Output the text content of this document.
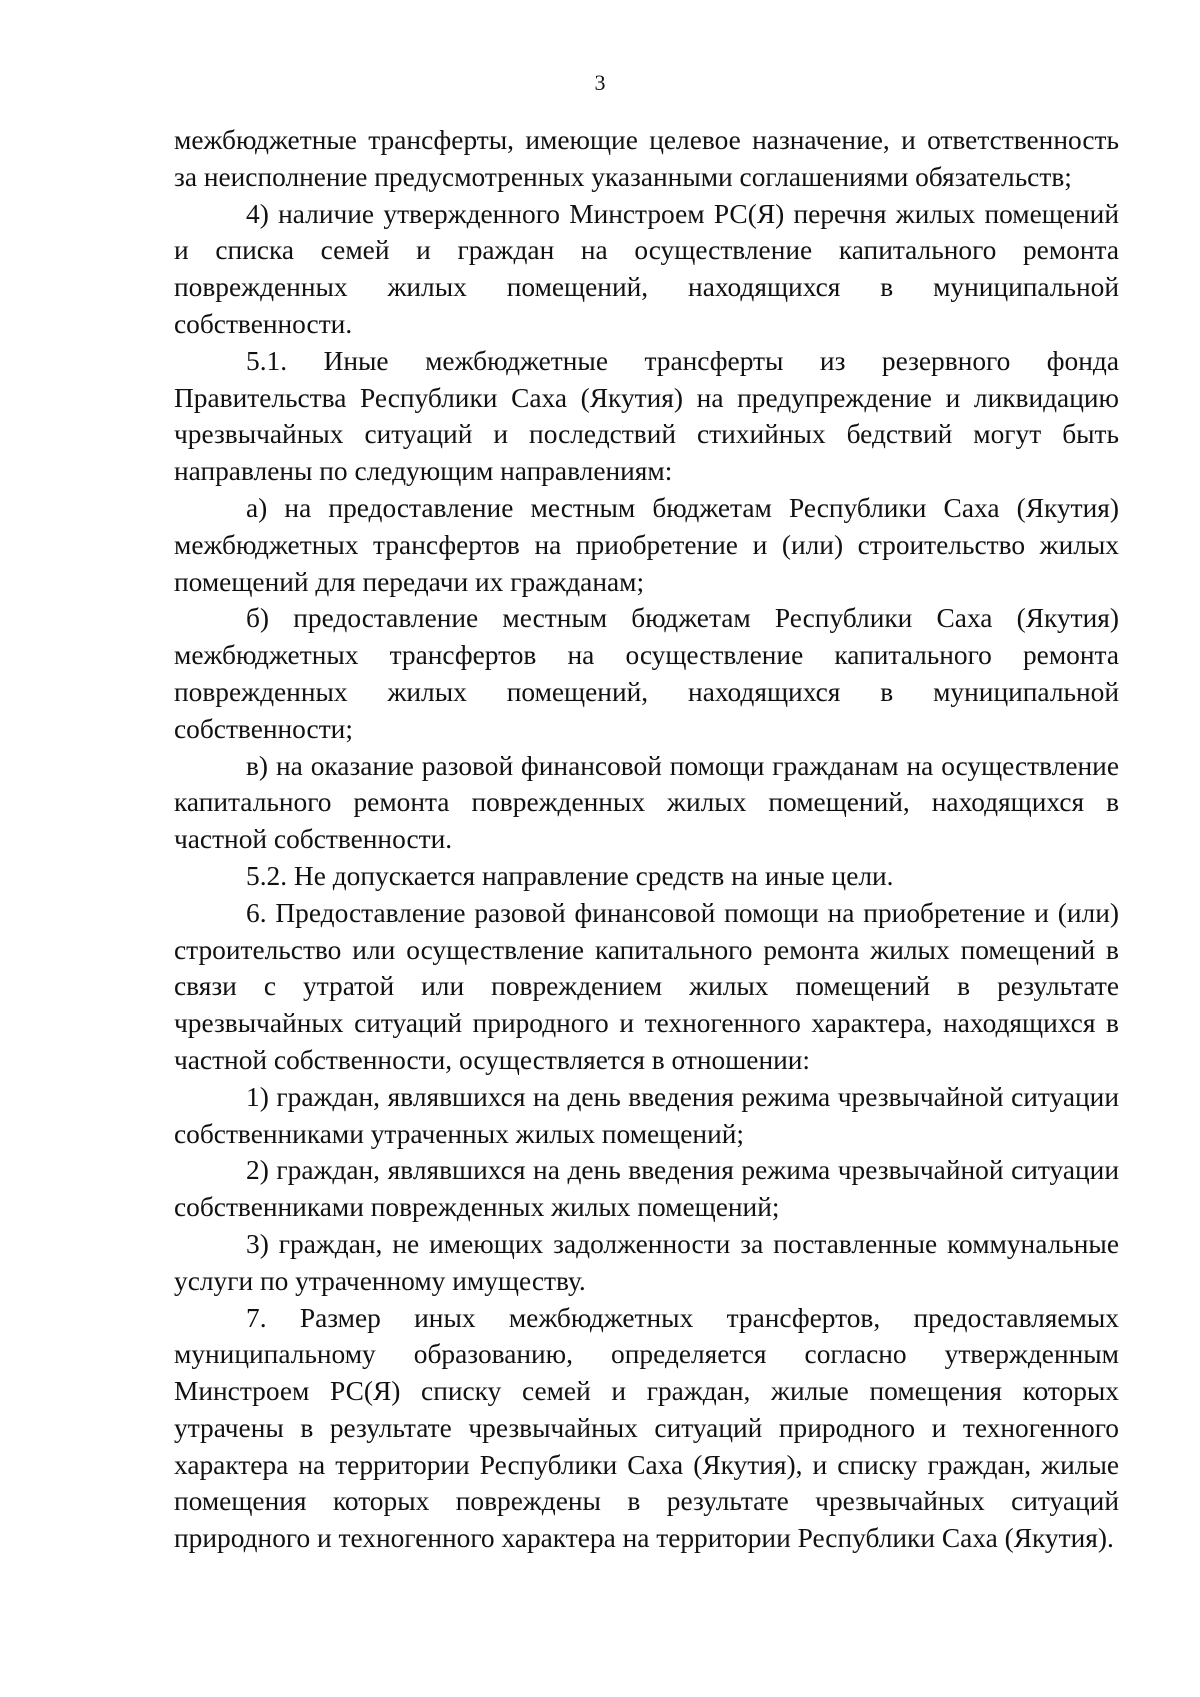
3

межбюджетные трансферты, имеющие целевое назначение, и ответственность за неисполнение предусмотренных указанными соглашениями обязательств;

4) наличие утвержденного Минстроем РС(Я) перечня жилых помещений и списка семей и граждан на осуществление капитального ремонта поврежденных жилых помещений, находящихся в муниципальной собственности.

5.1. Иные межбюджетные трансферты из резервного фонда Правительства Республики Саха (Якутия) на предупреждение и ликвидацию чрезвычайных ситуаций и последствий стихийных бедствий могут быть направлены по следующим направлениям:

а) на предоставление местным бюджетам Республики Саха (Якутия) межбюджетных трансфертов на приобретение и (или) строительство жилых помещений для передачи их гражданам;

б) предоставление местным бюджетам Республики Саха (Якутия) межбюджетных трансфертов на осуществление капитального ремонта поврежденных жилых помещений, находящихся в муниципальной собственности;

в) на оказание разовой финансовой помощи гражданам на осуществление капитального ремонта поврежденных жилых помещений, находящихся в частной собственности.

5.2. Не допускается направление средств на иные цели.

6. Предоставление разовой финансовой помощи на приобретение и (или) строительство или осуществление капитального ремонта жилых помещений в связи с утратой или повреждением жилых помещений в результате чрезвычайных ситуаций природного и техногенного характера, находящихся в частной собственности, осуществляется в отношении:

1) граждан, являвшихся на день введения режима чрезвычайной ситуации собственниками утраченных жилых помещений;

2) граждан, являвшихся на день введения режима чрезвычайной ситуации собственниками поврежденных жилых помещений;

3) граждан, не имеющих задолженности за поставленные коммунальные услуги по утраченному имуществу.

7. Размер иных межбюджетных трансфертов, предоставляемых муниципальному образованию, определяется согласно утвержденным Минстроем РС(Я) списку семей и граждан, жилые помещения которых утрачены в результате чрезвычайных ситуаций природного и техногенного характера на территории Республики Саха (Якутия), и списку граждан, жилые помещения которых повреждены в результате чрезвычайных ситуаций природного и техногенного характера на территории Республики Саха (Якутия).
